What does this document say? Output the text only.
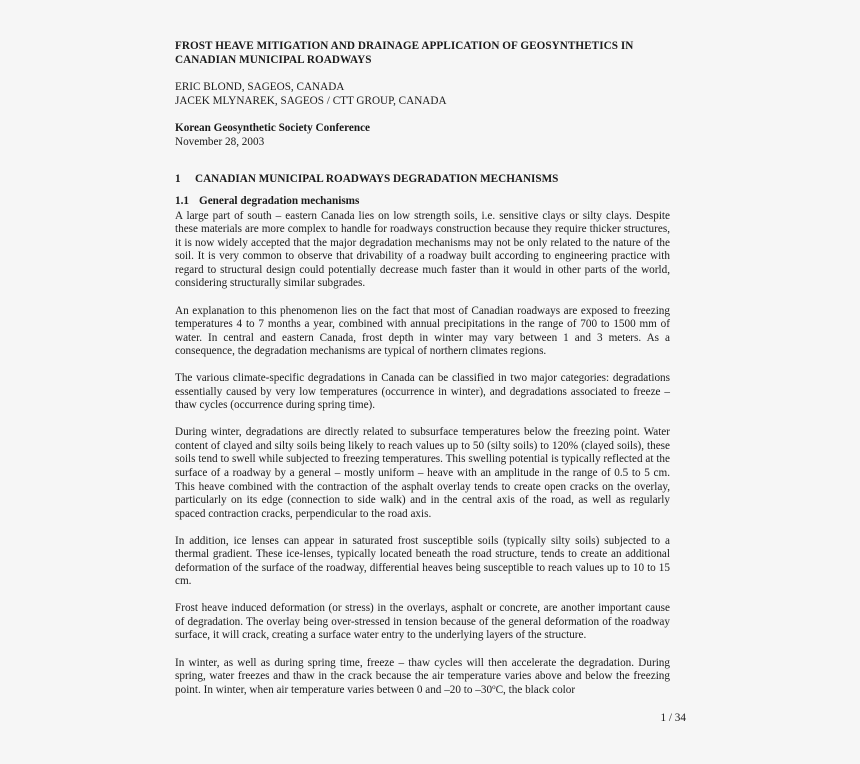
FROST HEAVE MITIGATION AND DRAINAGE APPLICATION OF GEOSYNTHETICS IN
CANADIAN MUNICIPAL ROADWAYS
ERIC BLOND, SAGEOS, CANADA
JACEK MLYNAREK, SAGEOS / CTT GROUP, CANADA
Korean Geosynthetic Society Conference
November 28, 2003
1 CANADIAN MUNICIPAL ROADWAYS DEGRADATION MECHANISMS
1.1 General degradation mechanisms

A large part of south – eastern Canada lies on low strength soils, i.e. sensitive clays or silty clays. Despite these materials are more complex to handle for roadways construction because they require thicker structures, it is now widely accepted that the major degradation mechanisms may not be only related to the nature of the soil. It is very common to observe that drivability of a roadway built according to engineering practice with regard to structural design could potentially decrease much faster than it would in other parts of the world, considering structurally similar subgrades.

An explanation to this phenomenon lies on the fact that most of Canadian roadways are exposed to freezing temperatures 4 to 7 months a year, combined with annual precipitations in the range of 700 to 1500 mm of water. In central and eastern Canada, frost depth in winter may vary between 1 and 3 meters. As a consequence, the degradation mechanisms are typical of northern climates regions.

The various climate-specific degradations in Canada can be classified in two major categories: degradations essentially caused by very low temperatures (occurrence in winter), and degradations associated to freeze – thaw cycles (occurrence during spring time).

During winter, degradations are directly related to subsurface temperatures below the freezing point. Water content of clayed and silty soils being likely to reach values up to 50 (silty soils) to 120% (clayed soils), these soils tend to swell while subjected to freezing temperatures. This swelling potential is typically reflected at the surface of a roadway by a general – mostly uniform – heave with an amplitude in the range of 0.5 to 5 cm. This heave combined with the contraction of the asphalt overlay tends to create open cracks on the overlay, particularly on its edge (connection to side walk) and in the central axis of the road, as well as regularly spaced contraction cracks, perpendicular to the road axis.

In addition, ice lenses can appear in saturated frost susceptible soils (typically silty soils) subjected to a thermal gradient. These ice-lenses, typically located beneath the road structure, tends to create an additional deformation of the surface of the roadway, differential heaves being susceptible to reach values up to 10 to 15 cm.

Frost heave induced deformation (or stress) in the overlays, asphalt or concrete, are another important cause of degradation. The overlay being over-stressed in tension because of the general deformation of the roadway surface, it will crack, creating a surface water entry to the underlying layers of the structure.

In winter, as well as during spring time, freeze – thaw cycles will then accelerate the degradation. During spring, water freezes and thaw in the crack because the air temperature varies above and below the freezing point. In winter, when air temperature varies between 0 and –20 to –30$^o$C, the black color

1 / 34
